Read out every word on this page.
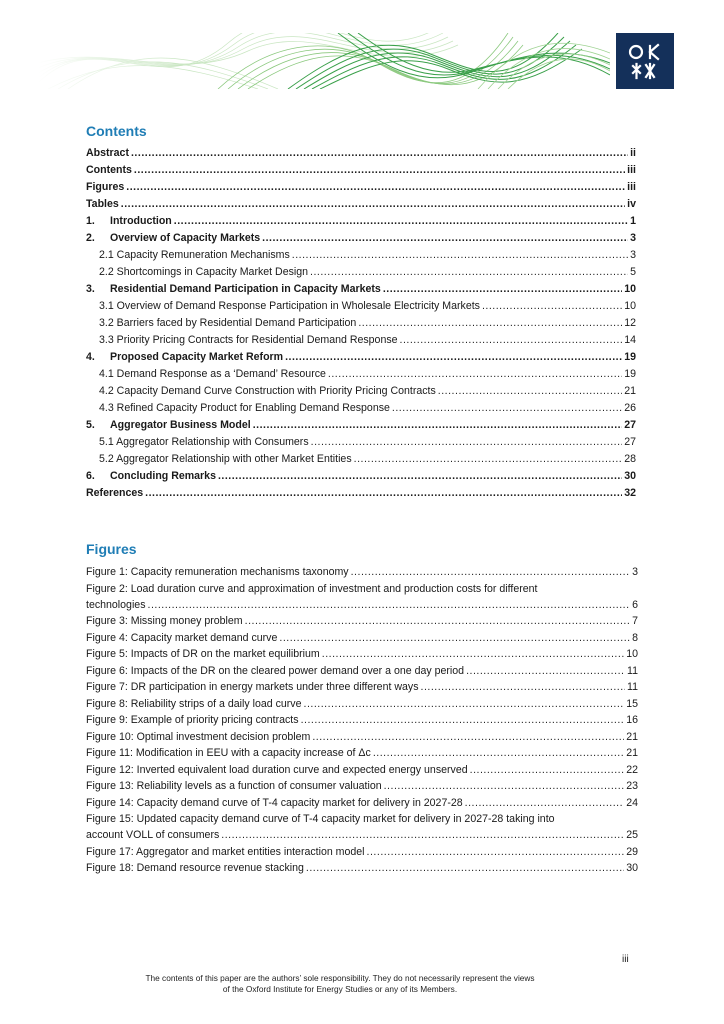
Contents
Abstract .....	ii
Contents .....	iii
Figures .....	iii
Tables .....	iv
1.	Introduction .....	1
2.	Overview of Capacity Markets .....	3
2.1 Capacity Remuneration Mechanisms .....	3
2.2 Shortcomings in Capacity Market Design .....	5
3.	Residential Demand Participation in Capacity Markets .....	10
3.1 Overview of Demand Response Participation in Wholesale Electricity Markets .....	10
3.2 Barriers faced by Residential Demand Participation .....	12
3.3 Priority Pricing Contracts for Residential Demand Response .....	14
4.	Proposed Capacity Market Reform .....	19
4.1 Demand Response as a ‘Demand’ Resource .....	19
4.2 Capacity Demand Curve Construction with Priority Pricing Contracts .....	21
4.3 Refined Capacity Product for Enabling Demand Response .....	26
5.	Aggregator Business Model .....	27
5.1 Aggregator Relationship with Consumers .....	27
5.2 Aggregator Relationship with other Market Entities .....	28
6.	Concluding Remarks .....	30
References .....	32
Figures
Figure 1: Capacity remuneration mechanisms taxonomy .....	3
Figure 2: Load duration curve and approximation of investment and production costs for different
technologies .....	6
Figure 3: Missing money problem .....	7
Figure 4: Capacity market demand curve .....	8
Figure 5: Impacts of DR on the market equilibrium .....	10
Figure 6: Impacts of the DR on the cleared power demand over a one day period .....	11
Figure 7: DR participation in energy markets under three different ways .....	11
Figure 8: Reliability strips of a daily load curve .....	15
Figure 9: Example of priority pricing contracts .....	16
Figure 10: Optimal investment decision problem .....	21
Figure 11: Modification in EEU with a capacity increase of Δc .....	21
Figure 12: Inverted equivalent load duration curve and expected energy unserved .....	22
Figure 13: Reliability levels as a function of consumer valuation .....	23
Figure 14: Capacity demand curve of T-4 capacity market for delivery in 2027-28 .....	24
Figure 15: Updated capacity demand curve of T-4 capacity market for delivery in 2027-28 taking into
account VOLL of consumers .....	25
Figure 17: Aggregator and market entities interaction model .....	29
Figure 18: Demand resource revenue stacking .....	30
iii
The contents of this paper are the authors’ sole responsibility. They do not necessarily represent the views
of the Oxford Institute for Energy Studies or any of its Members.
